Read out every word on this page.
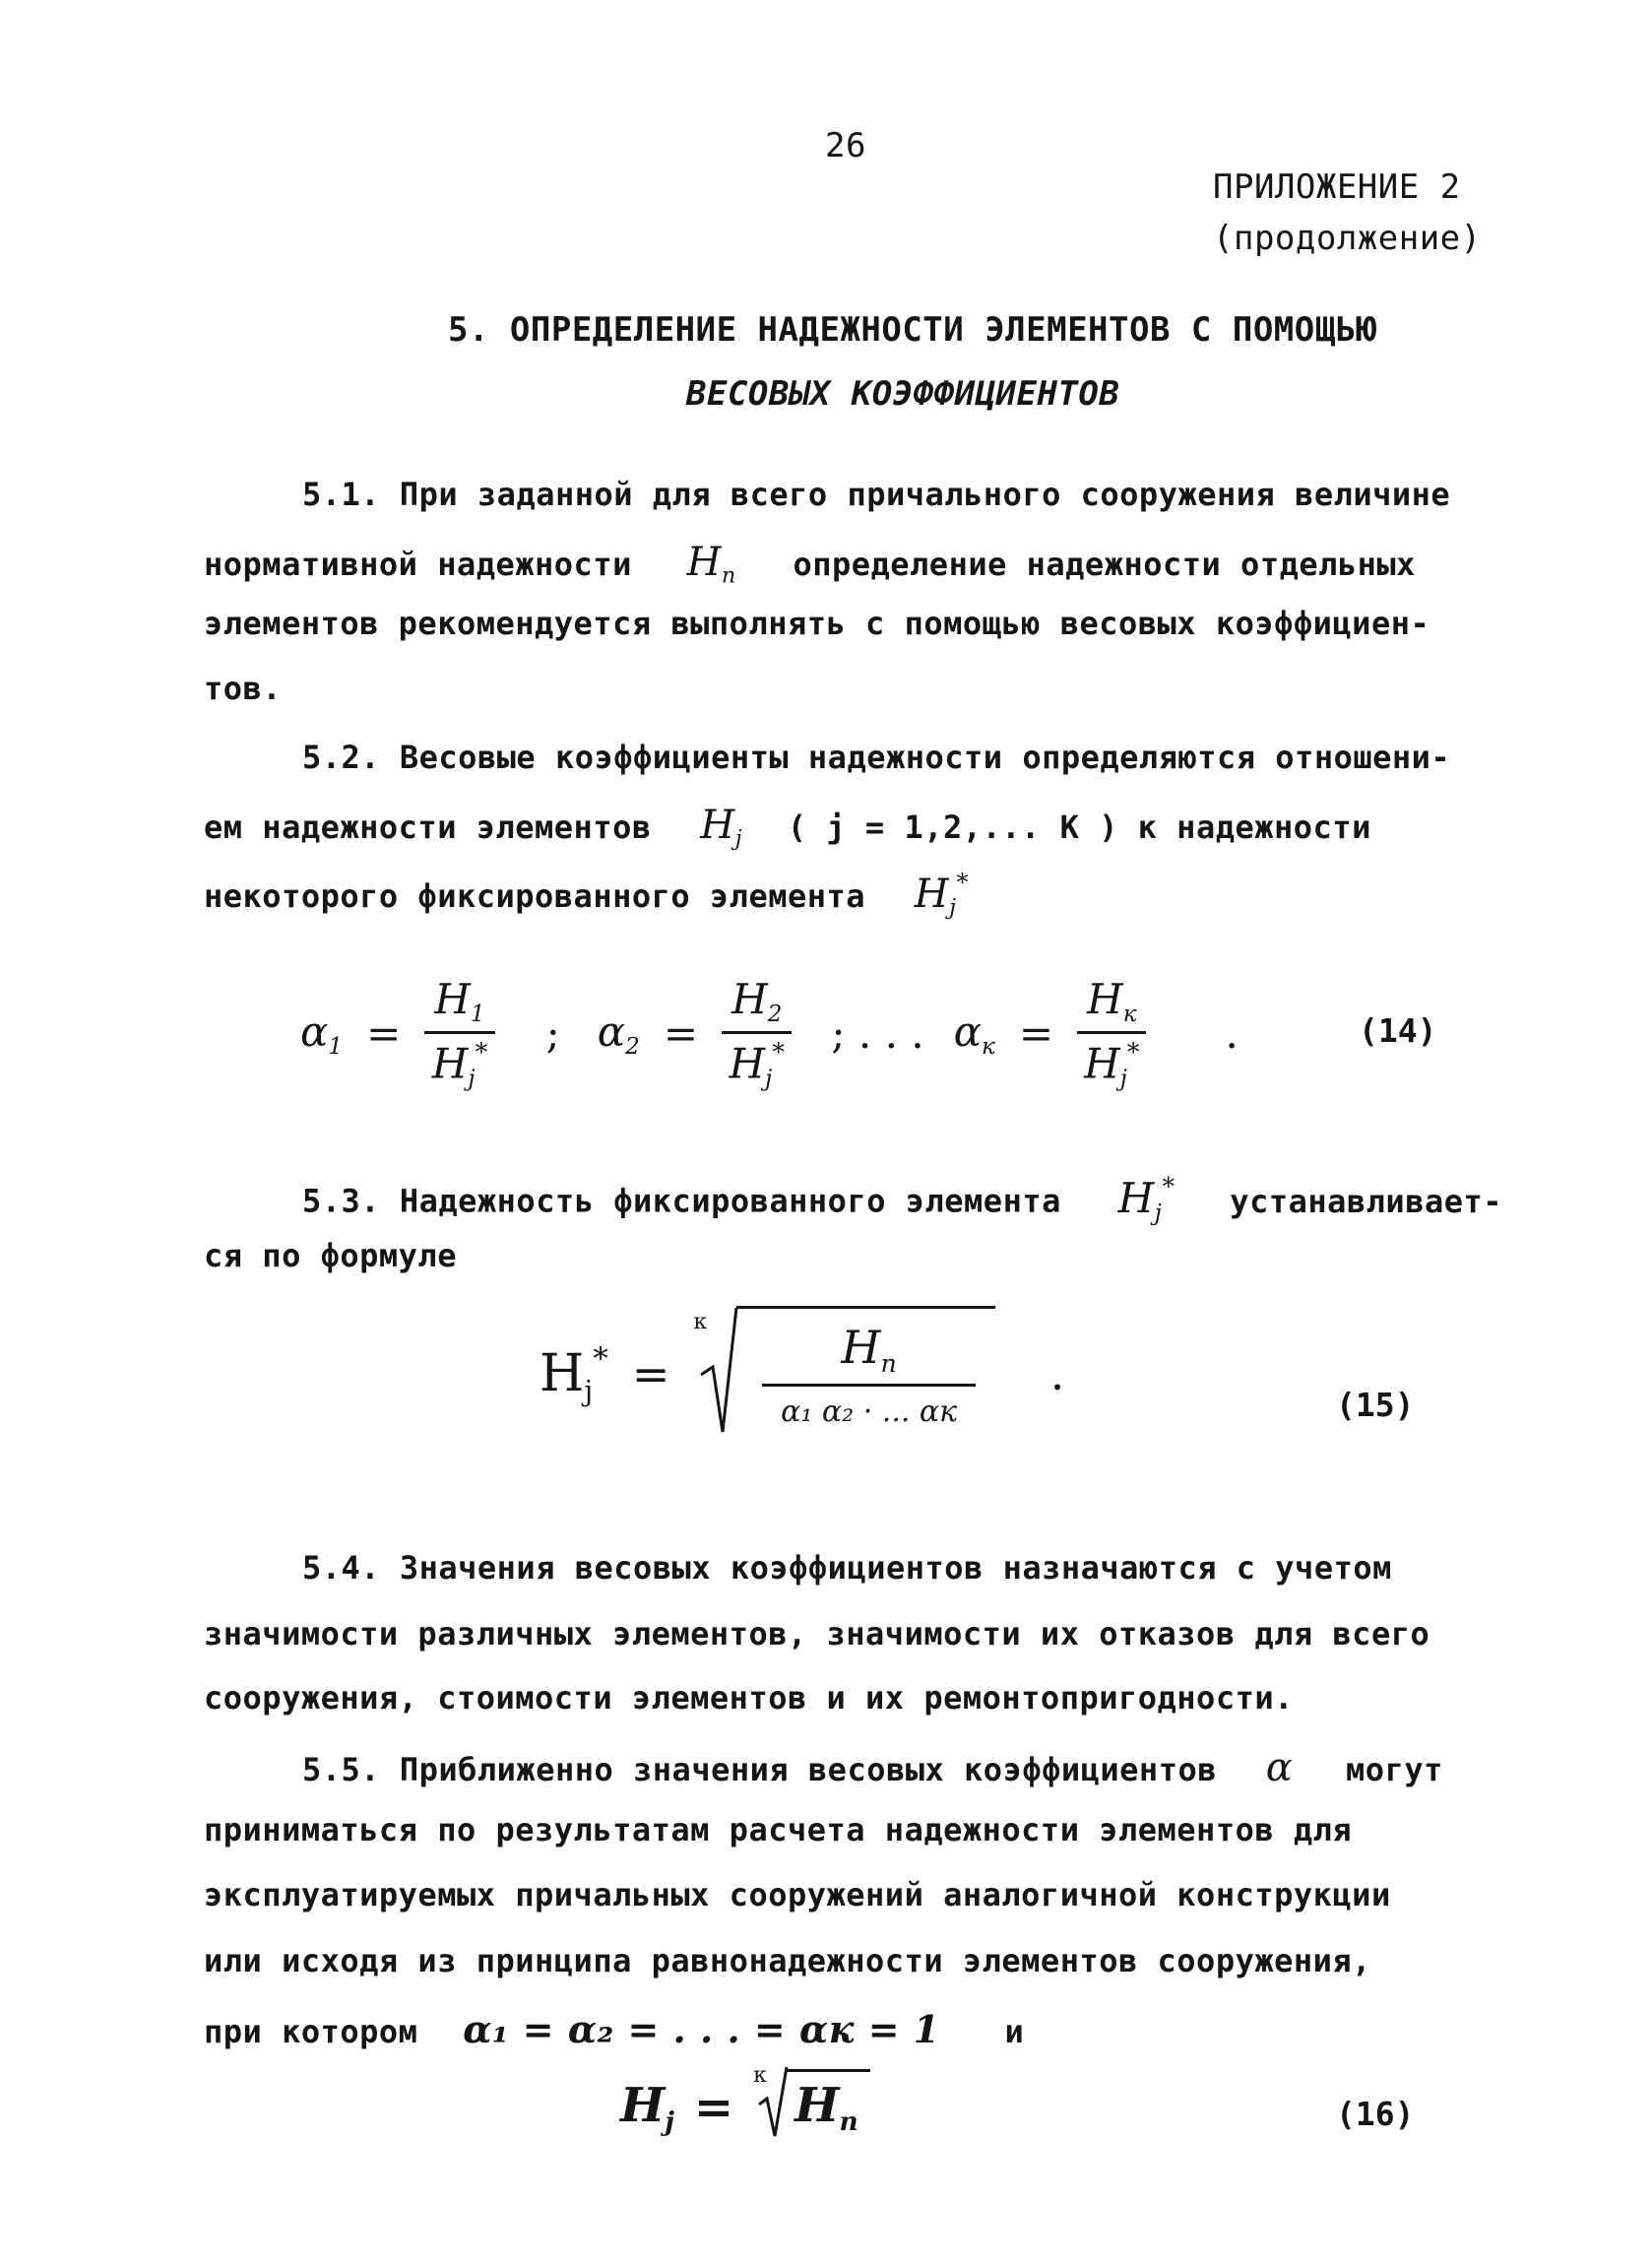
26
ПРИЛОЖЕНИЕ 2
(продолжение)
5. ОПРЕДЕЛЕНИЕ НАДЕЖНОСТИ ЭЛЕМЕНТОВ С ПОМОЩЬЮ
ВЕСОВЫХ КОЭФФИЦИЕНТОВ
5.1. При заданной для всего причального сооружения величине
нормативной надежности $H_n$ определение надежности отдельных
элементов рекомендуется выполнять с помощью весовых коэффициен-
тов.
5.2. Весовые коэффициенты надежности определяются отношени-
ем надежности элементов $H_j$ ( j = 1,2,... K ) к надежности
некоторого фиксированного элемента $H_j^*$
$\alpha_1 = \frac{H_1}{H_j^*}$ ; $\alpha_2 = \frac{H_2}{H_j^*}$ ; . . . $\alpha_к = \frac{H_к}{H_j^*}$ .	(14)
5.3. Надежность фиксированного элемента $H_j^*$ устанавливает-
ся по формуле
$H_j^*$ =
к $\frac{H_n}{\text{α₁ α₂ · ... αк}}$ .
(15)
5.4. Значения весовых коэффициентов назначаются с учетом
значимости различных элементов, значимости их отказов для всего
сооружения, стоимости элементов и их ремонтопригодности.
5.5. Приближенно значения весовых коэффициентов α могут
приниматься по результатам расчета надежности элементов для
эксплуатируемых причальных сооружений аналогичной конструкции
или исходя из принципа равнонадежности элементов сооружения,
при котором α₁ = α₂ = . . . = αк = 1 и
$H_j$ =
к
$H_n$	(16)
